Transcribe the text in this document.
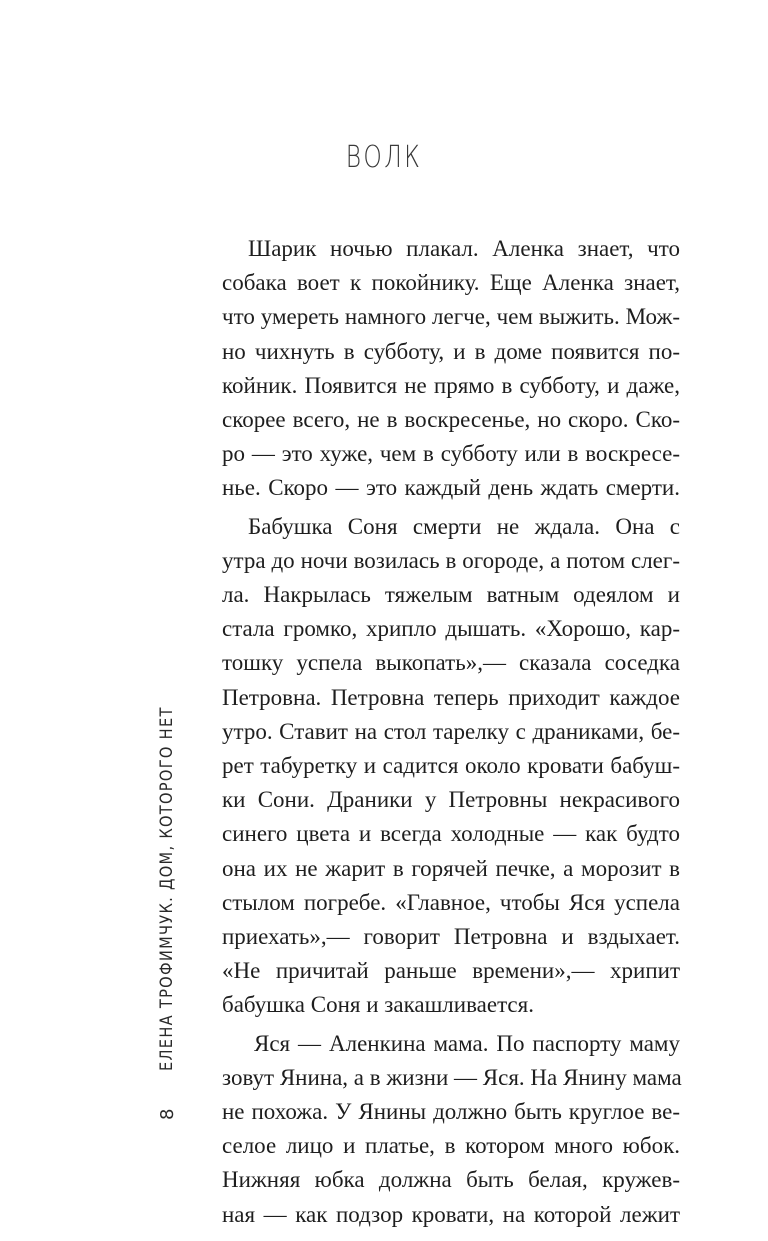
ВОЛК
Шарик ночью плакал. Аленка знает, что
собака воет к покойнику. Еще Аленка знает,
что умереть намного легче, чем выжить. Мож-
но чихнуть в субботу, и в доме появится по-
койник. Появится не прямо в субботу, и даже,
скорее всего, не в воскресенье, но скоро. Ско-
ро — это хуже, чем в субботу или в воскресе-
нье. Скоро — это каждый день ждать смерти.
Бабушка Соня смерти не ждала. Она с
утра до ночи возилась в огороде, а потом слег-
ла. Накрылась тяжелым ватным одеялом и
стала громко, хрипло дышать. «Хорошо, кар-
тошку успела выкопать»,— сказала соседка
Петровна. Петровна теперь приходит каждое
утро. Ставит на стол тарелку с драниками, бе-
рет табуретку и садится около кровати бабуш-
ки Сони. Драники у Петровны некрасивого
синего цвета и всегда холодные — как будто
она их не жарит в горячей печке, а морозит в
стылом погребе. «Главное, чтобы Яся успела
приехать»,— говорит Петровна и вздыхает.
«Не причитай раньше времени»,— хрипит
бабушка Соня и закашливается.
Яся — Аленкина мама. По паспорту маму
зовут Янина, а в жизни — Яся. На Янину мама
не похожа. У Янины должно быть круглое ве-
селое лицо и платье, в котором много юбок.
Нижняя юбка должна быть белая, кружев-
ная — как подзор кровати, на которой лежит
8
ЕЛЕНА ТРОФИМЧУК. ДОМ, КОТОРОГО НЕТ
